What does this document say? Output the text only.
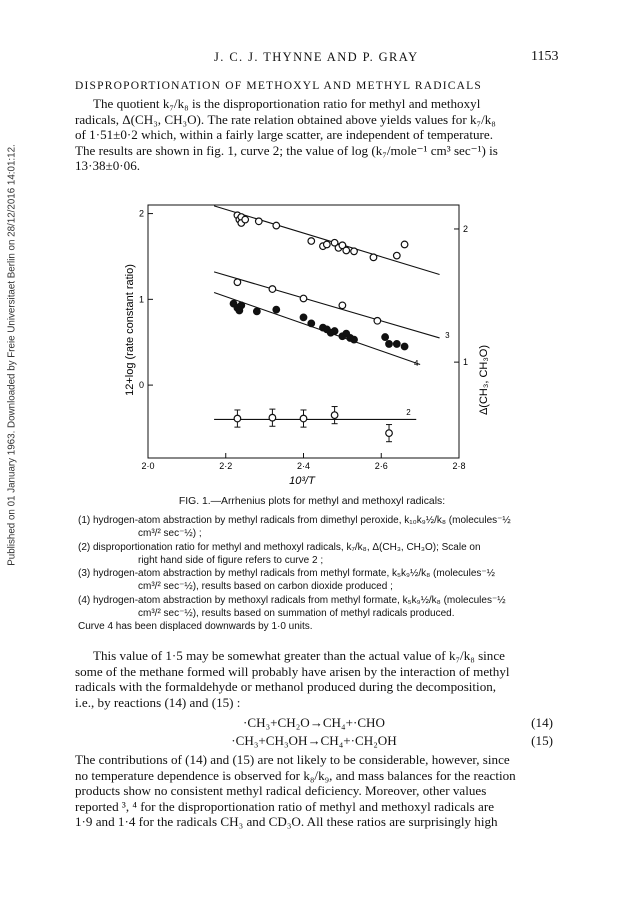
J. C. J. THYNNE AND P. GRAY	1153
Published on 01 January 1963. Downloaded by Freie Universitaet Berlin on 28/12/2016 14:01:12.
DISPROPORTIONATION OF METHOXYL AND METHYL RADICALS

The quotient k₇/k₈ is the disproportionation ratio for methyl and methoxyl

radicals, Δ(CH₃, CH₃O). The rate relation obtained above yields values for k₇/k₈

of 1·51±0·2 which, within a fairly large scatter, are independent of temperature.

The results are shown in fig. 1, curve 2; the value of log (k₇/mole⁻¹ cm³ sec⁻¹) is

13·38±0·06.

2·0	2·2	2·4	2·6	2·8
0
1
2
1
2
3
4
2
12+log (rate constant ratio)	Δ(CH₃, CH₃O)
10³/T
FIG. 1.—Arrhenius plots for methyl and methoxyl radicals:

(1) hydrogen-atom abstraction by methyl radicals from dimethyl peroxide, k₁₀k₉½/k₈ (molecules⁻½

cm³/² sec⁻½) ;

(2) disproportionation ratio for methyl and methoxyl radicals, k₇/k₈, Δ(CH₃, CH₃O); Scale on

right hand side of figure refers to curve 2 ;

(3) hydrogen-atom abstraction by methyl radicals from methyl formate, k₅k₉½/k₈ (molecules⁻½

cm³/² sec⁻½), results based on carbon dioxide produced ;

(4) hydrogen-atom abstraction by methoxyl radicals from methyl formate, k₅k₉½/k₈ (molecules⁻½

cm³/² sec⁻½), results based on summation of methyl radicals produced.

Curve 4 has been displaced downwards by 1·0 units.

This value of 1·5 may be somewhat greater than the actual value of k₇/k₈ since

some of the methane formed will probably have arisen by the interaction of methyl

radicals with the formaldehyde or methanol produced during the decomposition,

i.e., by reactions (14) and (15) :

·CH₃+CH₂O→CH₄+·CHO	(14)
·CH₃+CH₃OH→CH₄+·CH₂OH	(15)

The contributions of (14) and (15) are not likely to be considerable, however, since

no temperature dependence is observed for k₈/k₉, and mass balances for the reaction

products show no consistent methyl radical deficiency. Moreover, other values

reported ³, ⁴ for the disproportionation ratio of methyl and methoxyl radicals are

1·9 and 1·4 for the radicals CH₃ and CD₃O. All these ratios are surprisingly high
